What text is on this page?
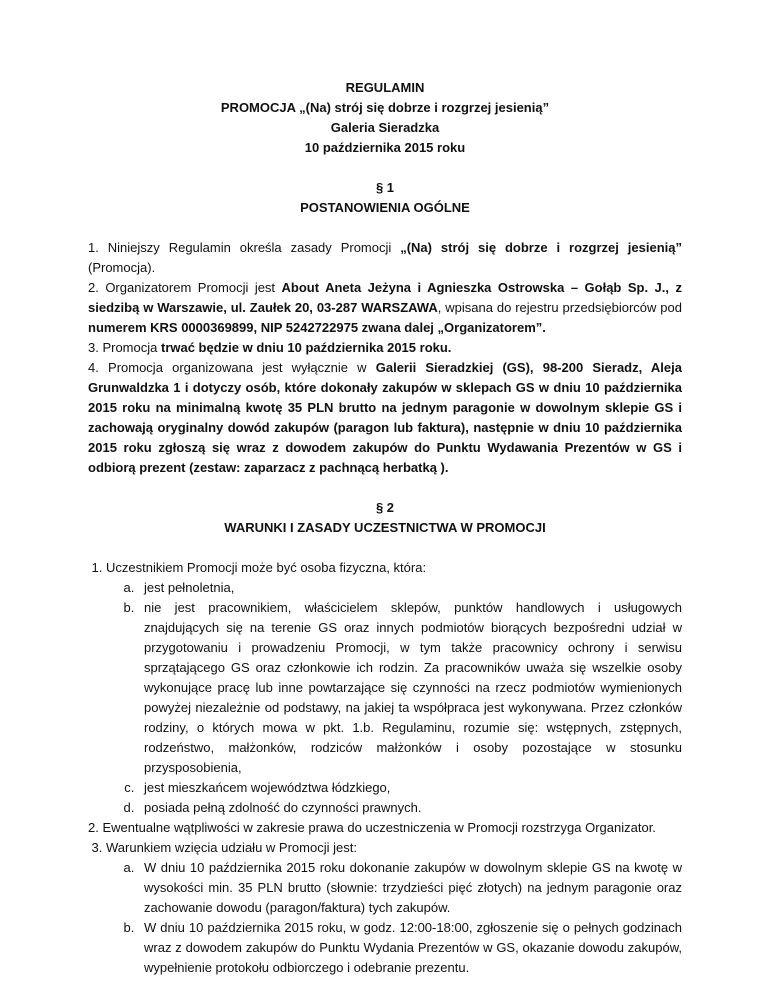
REGULAMIN
PROMOCJA „(Na) strój się dobrze i rozgrzej jesienią”
Galeria Sieradzka
10 października 2015 roku
§ 1
POSTANOWIENIA OGÓLNE

1. Niniejszy Regulamin określa zasady Promocji „(Na) strój się dobrze i rozgrzej jesienią” (Promocja).

2. Organizatorem Promocji jest About Aneta Jeżyna i Agnieszka Ostrowska – Gołąb Sp. J., z siedzibą w Warszawie, ul. Zaułek 20, 03-287 WARSZAWA, wpisana do rejestru przedsiębiorców pod numerem KRS 0000369899, NIP 5242722975 zwana dalej „Organizatorem”.

3. Promocja trwać będzie w dniu 10 października 2015 roku.

4. Promocja organizowana jest wyłącznie w Galerii Sieradzkiej (GS), 98-200 Sieradz, Aleja Grunwaldzka 1 i dotyczy osób, które dokonały zakupów w sklepach GS w dniu 10 października 2015 roku na minimalną kwotę 35 PLN brutto na jednym paragonie w dowolnym sklepie GS i zachowają oryginalny dowód zakupów (paragon lub faktura), następnie w dniu 10 października 2015 roku zgłoszą się wraz z dowodem zakupów do Punktu Wydawania Prezentów w GS i odbiorą prezent (zestaw: zaparzacz z pachnącą herbatką ).

§ 2
WARUNKI I ZASADY UCZESTNICTWA W PROMOCJI
1. Uczestnikiem Promocji może być osoba fizyczna, która:
a. jest pełnoletnia,
b. nie jest pracownikiem, właścicielem sklepów, punktów handlowych i usługowych znajdujących się na terenie GS oraz innych podmiotów biorących bezpośredni udział w przygotowaniu i prowadzeniu Promocji, w tym także pracownicy ochrony i serwisu sprzątającego GS oraz członkowie ich rodzin. Za pracowników uważa się wszelkie osoby wykonujące pracę lub inne powtarzające się czynności na rzecz podmiotów wymienionych powyżej niezależnie od podstawy, na jakiej ta współpraca jest wykonywana. Przez członków rodziny, o których mowa w pkt. 1.b. Regulaminu, rozumie się: wstępnych, zstępnych, rodzeństwo, małżonków, rodziców małżonków i osoby pozostające w stosunku przysposobienia,
c. jest mieszkańcem województwa łódzkiego,
d. posiada pełną zdolność do czynności prawnych.

2. Ewentualne wątpliwości w zakresie prawa do uczestniczenia w Promocji rozstrzyga Organizator.

3. Warunkiem wzięcia udziału w Promocji jest:
a. W dniu 10 października 2015 roku dokonanie zakupów w dowolnym sklepie GS na kwotę w wysokości min. 35 PLN brutto (słownie: trzydzieści pięć złotych) na jednym paragonie oraz zachowanie dowodu (paragon/faktura) tych zakupów.
b. W dniu 10 października 2015 roku, w godz. 12:00-18:00, zgłoszenie się o pełnych godzinach wraz z dowodem zakupów do Punktu Wydania Prezentów w GS, okazanie dowodu zakupów, wypełnienie protokołu odbiorczego i odebranie prezentu.
